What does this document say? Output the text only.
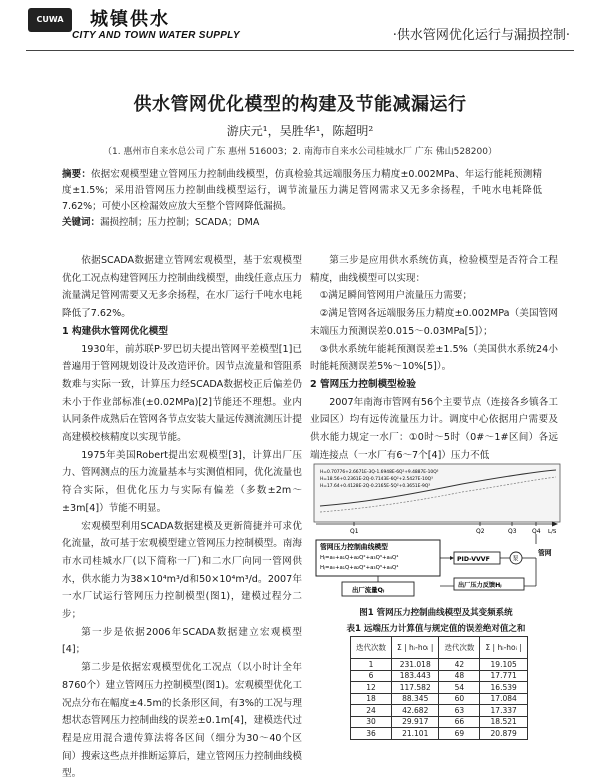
CUWA	城镇供水
CITY AND TOWN WATER SUPPLY	·供水管网优化运行与漏损控制·
供水管网优化模型的构建及节能减漏运行
游庆元¹，吴胜华¹，陈超明²
（1. 惠州市自来水总公司 广东 惠州 516003；2. 南海市自来水公司桂城水厂 广东 佛山528200）
摘要：依据宏观模型建立管网压力控制曲线模型，仿真检验其远端服务压力精度±0.002MPa、年运行能耗预测精度±1.5%；采用沿管网压力控制曲线模型运行，调节流量压力满足管网需求又无多余扬程，千吨水电耗降低7.62%；可使小区检漏效应放大至整个管网降低漏损。
关键词：漏损控制；压力控制；SCADA；DMA

依据SCADA数据建立管网宏观模型，基于宏观模型优化工况点构建管网压力控制曲线模型，曲线任意点压力流量满足管网需要又无多余扬程，在水厂运行千吨水电耗降低了7.62%。

1 构建供水管网优化模型

1930年，前苏联P·罗巴切夫提出管网平差模型[1]已普遍用于管网规划设计及改造评价。因节点流量和管阻系数难与实际一致，计算压力经SCADA数据校正后偏差仍未小于作业部标准(±0.02MPa)[2]节能还不理想。业内认同条件成熟后在管网各节点安装大量远传测流测压计提高建模校核精度以实现节能。

1975年美国Robert提出宏观模型[3]，计算出厂压力、管网测点的压力流量基本与实测值相同，优化流量也符合实际，但优化压力与实际有偏差（多数±2m～±3m[4]）节能不明显。

宏观模型利用SCADA数据建模及更新简捷并可求优化流量，故可基于宏观模型建立管网压力控制模型。南海市水司桂城水厂(以下简称一厂)和二水厂向同一管网供水，供水能力为38×10⁴m³/d和50×10⁴m³/d。2007年一水厂试运行管网压力控制模型(图1)，建模过程分二步；

第一步是依据2006年SCADA数据建立宏观模型[4]；

第二步是依据宏观模型优化工况点（以小时计全年8760个）建立管网压力控制模型(图1)。宏观模型优化工况点分布在幅度±4.5m的长条形区间，有3%的工况与理想状态管网压力控制曲线的误差±0.1m[4]，建模迭代过程是应用混合遗传算法将各区间（细分为30～40个区间）搜索这些点并推断运算后，建立管网压力控制曲线模型。

第三步是应用供水系统仿真，检验模型是否符合工程精度，曲线模型可以实现：

①满足瞬间管网用户流量压力需要；

②满足管网各远端服务压力精度±0.002MPa（美国管网末端压力预测误差0.015～0.03MPa[5]）；

③供水系统年能耗预测误差±1.5%（美国供水系统24小时能耗预测误差5%～10%[5]）。

2 管网压力控制模型检验

2007年南海市管网有56个主要节点（连接各乡镇各工业园区）均有远传流量压力计。调度中心依据用户需要及供水能力规定一水厂：①0时～5时（0#～1#区间）各远端连接点（一水厂有6～7个[4]）压力不低

H=0.70776+2.6671E-3Q-1.6948E-6Q²+9.4887E-10Q³
H=18.56+0.2361E-2Q-0.7143E-6Q²+2.5427E-10Q³
H=17.64+0.4128E-2Q-0.2165E-5Q²+0.3651E-9Q³
Q1	Q2	Q3	Q4 L/S
管网压力控制曲线模型
Hⱼ=a₀+a₁Q+a₂Q²+a₃Q³+a₄Q⁴
Hⱼ=a₀+a₁Q+a₂Q²+a₃Q³+a₄Q⁴
PID-VVVF	泵
管网
出厂压力反馈Hⱼ
出厂流量Qⱼ
图1 管网压力控制曲线模型及其变频系统
表1 远端压力计算值与规定值的误差绝对值之和
迭代次数	Σ | hᵢ-hoᵢ |	迭代次数	Σ | hᵢ-hoᵢ |
1	231.018	42	19.105
6	183.443	48	17.771
12	117.582	54	16.539
18	88.345	60	17.084
24	42.682	63	17.337
30	29.917	66	18.521
36	21.101	69	20.879
